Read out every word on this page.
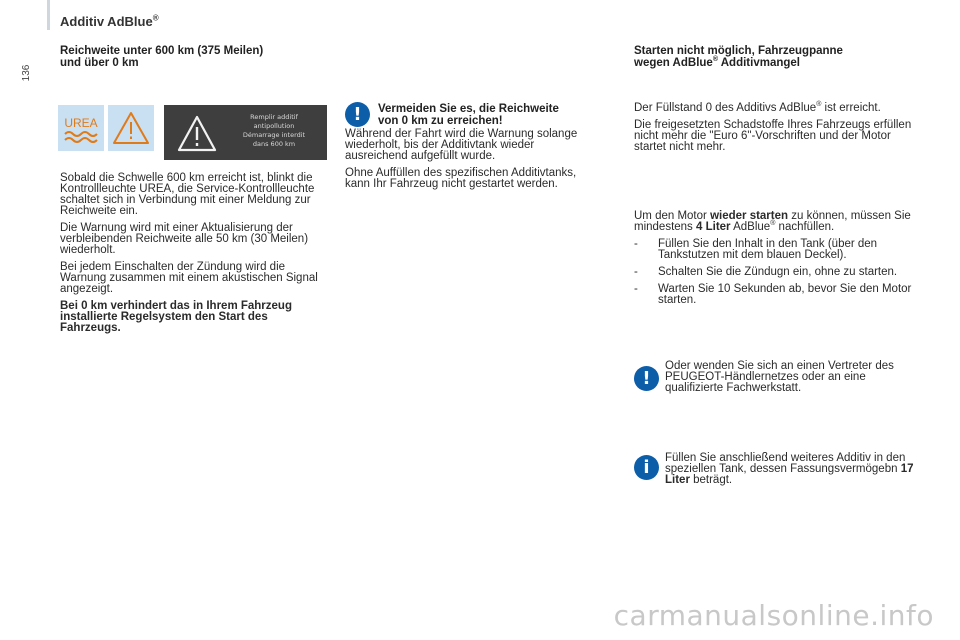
136
Additiv AdBlue®
Reichweite unter 600 km (375 Meilen)
und über 0 km
UREA	Remplir additif
antipollution
Démarrage interdit
dans 600 km

Sobald die Schwelle 600 km erreicht ist, blinkt die Kontrollleuchte UREA, die Service-Kontrollleuchte schaltet sich in Verbindung mit einer Meldung zur Reichweite ein.

Die Warnung wird mit einer Aktualisierung der verbleibenden Reichweite alle 50 km (30 Meilen) wiederholt.

Bei jedem Einschalten der Zündung wird die Warnung zusammen mit einem akustischen Signal angezeigt.

Bei 0 km verhindert das in Ihrem Fahrzeug installierte Regelsystem den Start des Fahrzeugs.

! Vermeiden Sie es, die Reichweite
von 0 km zu erreichen!

Während der Fahrt wird die Warnung solange wiederholt, bis der Additivtank wieder ausreichend aufgefüllt wurde.

Ohne Auffüllen des spezifischen Additivtanks, kann Ihr Fahrzeug nicht gestartet werden.

Starten nicht möglich, Fahrzeugpanne
wegen AdBlue® Additivmangel

Der Füllstand 0 des Additivs AdBlue® ist erreicht.

Die freigesetzten Schadstoffe Ihres Fahrzeugs erfüllen nicht mehr die "Euro 6"-Vorschriften und der Motor startet nicht mehr.

Um den Motor wieder starten zu können, müssen Sie mindestens 4 Liter AdBlue® nachfüllen.

- Füllen Sie den Inhalt in den Tank (über den Tankstutzen mit dem blauen Deckel).
- Schalten Sie die Zündugn ein, ohne zu starten.
- Warten Sie 10 Sekunden ab, bevor Sie den Motor starten.
!
Oder wenden Sie sich an einen Vertreter des PEUGEOT-Händlernetzes oder an eine qualifizierte Fachwerkstatt.
i Füllen Sie anschließend weiteres Additiv in den speziellen Tank, dessen Fassungsvermögebn 17 Liter beträgt.
carmanualsonline.info
